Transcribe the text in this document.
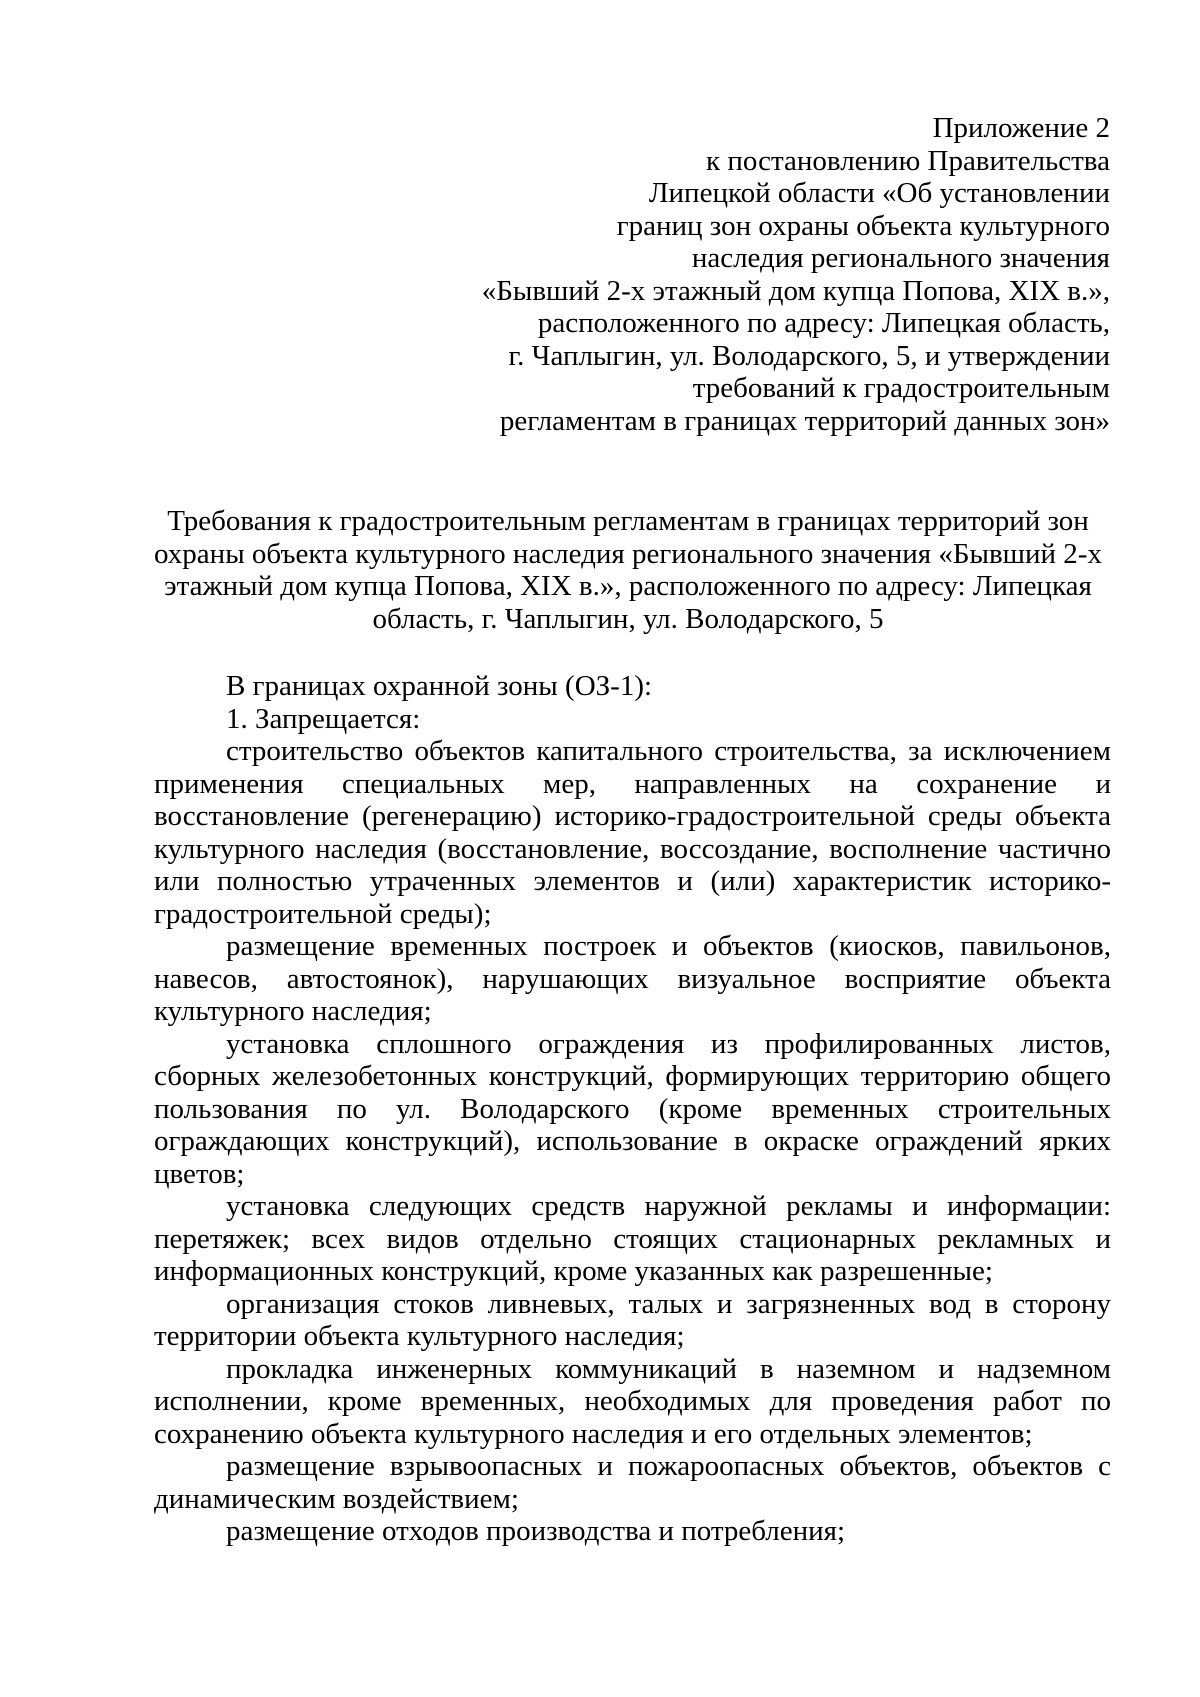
Приложение 2
к постановлению Правительства
Липецкой области «Об установлении
границ зон охраны объекта культурного
наследия регионального значения
«Бывший 2-х этажный дом купца Попова, XIX в.»,
расположенного по адресу: Липецкая область,
г. Чаплыгин, ул. Володарского, 5, и утверждении
требований к градостроительным
регламентам в границах территорий данных зон»
Требования к градостроительным регламентам в границах территорий зон
охраны объекта культурного наследия регионального значения «Бывший 2-х
этажный дом купца Попова, XIX в.», расположенного по адресу: Липецкая
область, г. Чаплыгин, ул. Володарского, 5

В границах охранной зоны (ОЗ-1):

1. Запрещается:

строительство объектов капитального строительства, за исключением применения специальных мер, направленных на сохранение и восстановление (регенерацию) историко-градостроительной среды объекта культурного наследия (восстановление, воссоздание, восполнение частично или полностью утраченных элементов и (или) характеристик историко-градостроительной среды);

размещение временных построек и объектов (киосков, павильонов, навесов, автостоянок), нарушающих визуальное восприятие объекта культурного наследия;

установка сплошного ограждения из профилированных листов, сборных железобетонных конструкций, формирующих территорию общего пользования по ул. Володарского (кроме временных строительных ограждающих конструкций), использование в окраске ограждений ярких цветов;

установка следующих средств наружной рекламы и информации: перетяжек; всех видов отдельно стоящих стационарных рекламных и информационных конструкций, кроме указанных как разрешенные;

организация стоков ливневых, талых и загрязненных вод в сторону территории объекта культурного наследия;

прокладка инженерных коммуникаций в наземном и надземном исполнении, кроме временных, необходимых для проведения работ по сохранению объекта культурного наследия и его отдельных элементов;

размещение взрывоопасных и пожароопасных объектов, объектов с динамическим воздействием;

размещение отходов производства и потребления;
